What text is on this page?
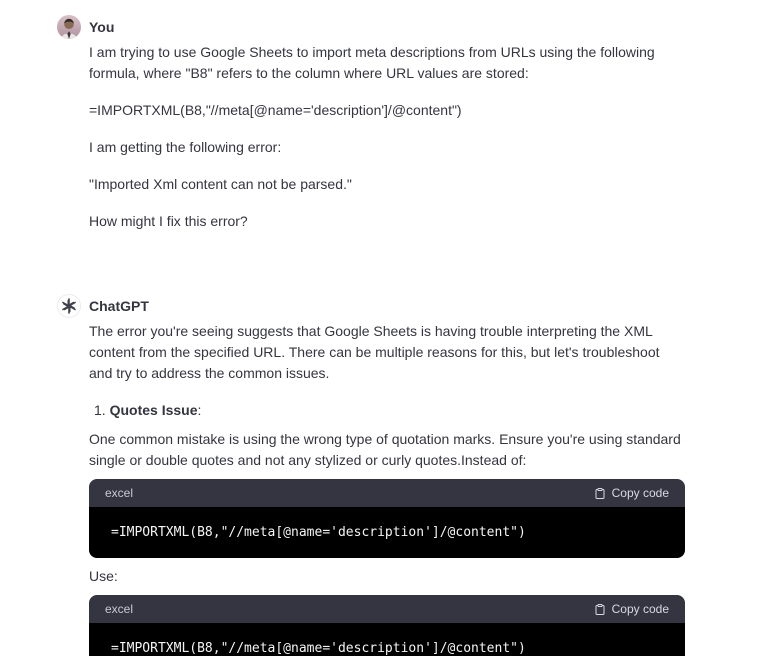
You

I am trying to use Google Sheets to import meta descriptions from URLs using the following formula, where "B8" refers to the column where URL values are stored:

=IMPORTXML(B8,"//meta[@name='description']/@content")

I am getting the following error:

"Imported Xml content can not be parsed."

How might I fix this error?

ChatGPT

The error you're seeing suggests that Google Sheets is having trouble interpreting the XML content from the specified URL. There can be multiple reasons for this, but let's troubleshoot and try to address the common issues.

1. Quotes Issue:

One common mistake is using the wrong type of quotation marks. Ensure you're using standard single or double quotes and not any stylized or curly quotes.Instead of:

excel	Copy code
=IMPORTXML(B8,"//meta[@name='description']/@content")

Use:

excel	Copy code
=IMPORTXML(B8,"//meta[@name='description']/@content")
